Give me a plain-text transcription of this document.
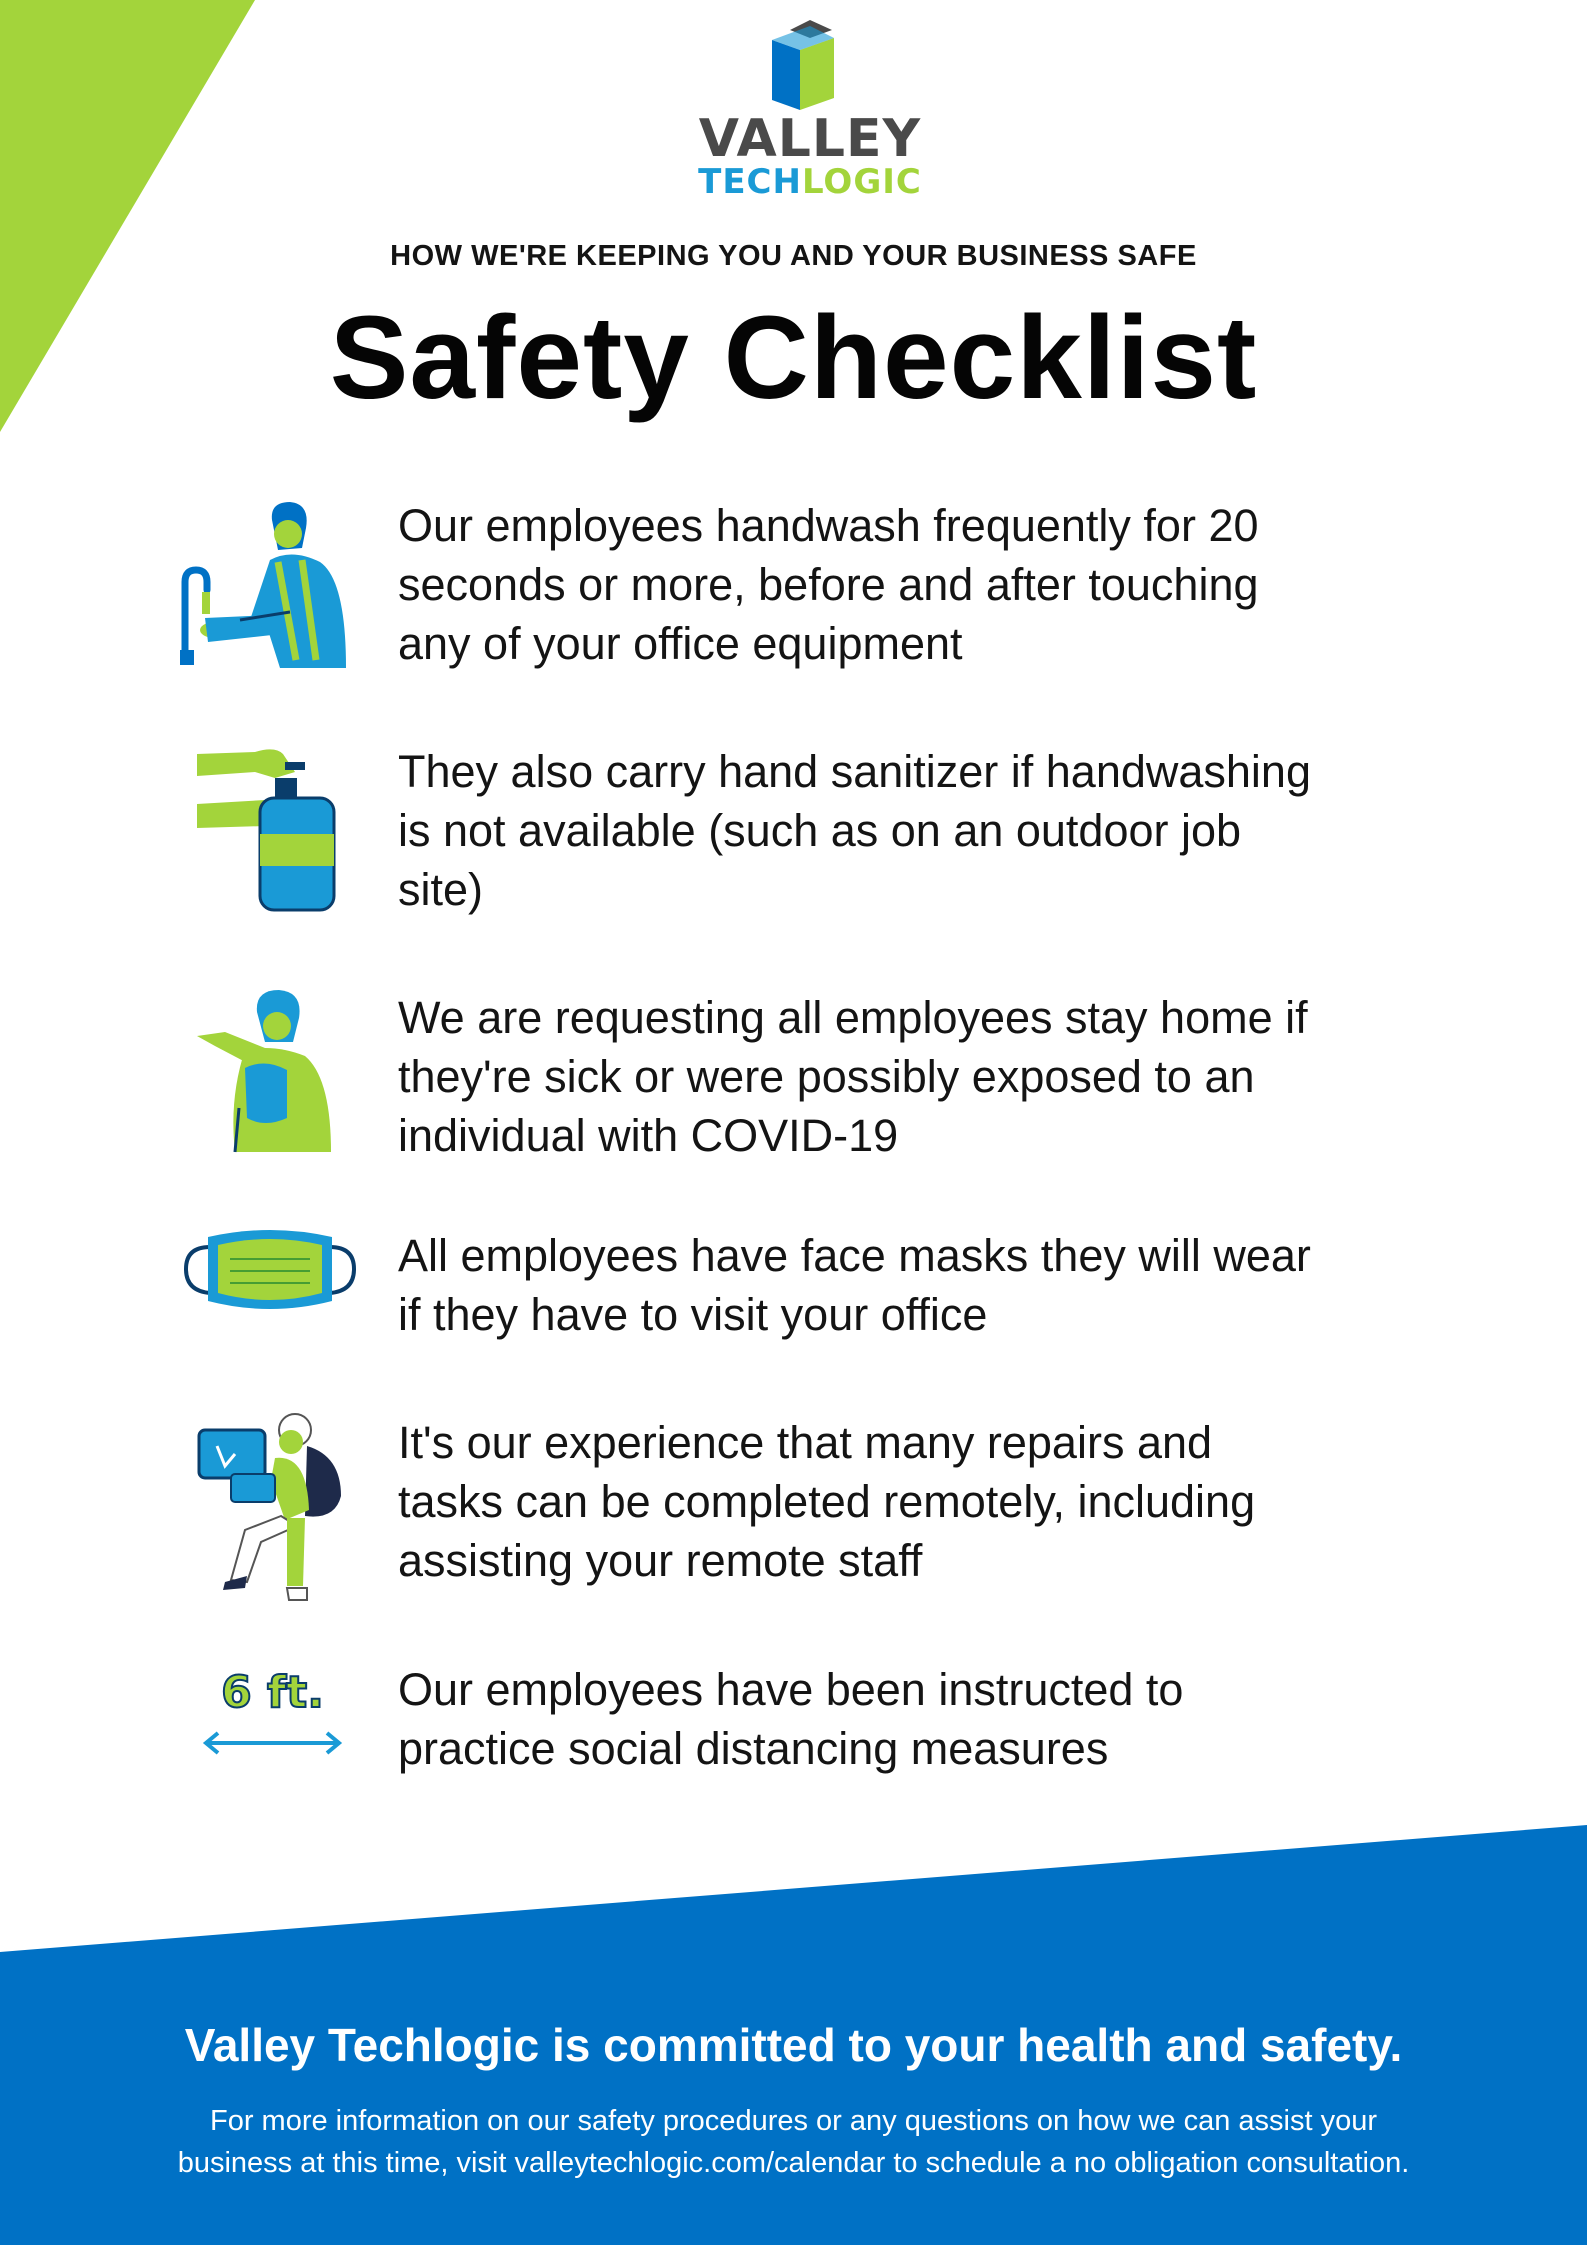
VALLEY
TECHLOGIC
HOW WE'RE KEEPING YOU AND YOUR BUSINESS SAFE
Safety Checklist
Our employees handwash frequently for 20
seconds or more, before and after touching
any of your office equipment
They also carry hand sanitizer if handwashing
is not available (such as on an outdoor job
site)
We are requesting all employees stay home if
they're sick or were possibly exposed to an
individual with COVID-19
All employees have face masks they will wear
if they have to visit your office
It's our experience that many repairs and
tasks can be completed remotely, including
assisting your remote staff
6 ft.	Our employees have been instructed to
practice social distancing measures
Valley Techlogic is committed to your health and safety.
For more information on our safety procedures or any questions on how we can assist your
business at this time, visit valleytechlogic.com/calendar to schedule a no obligation consultation.
